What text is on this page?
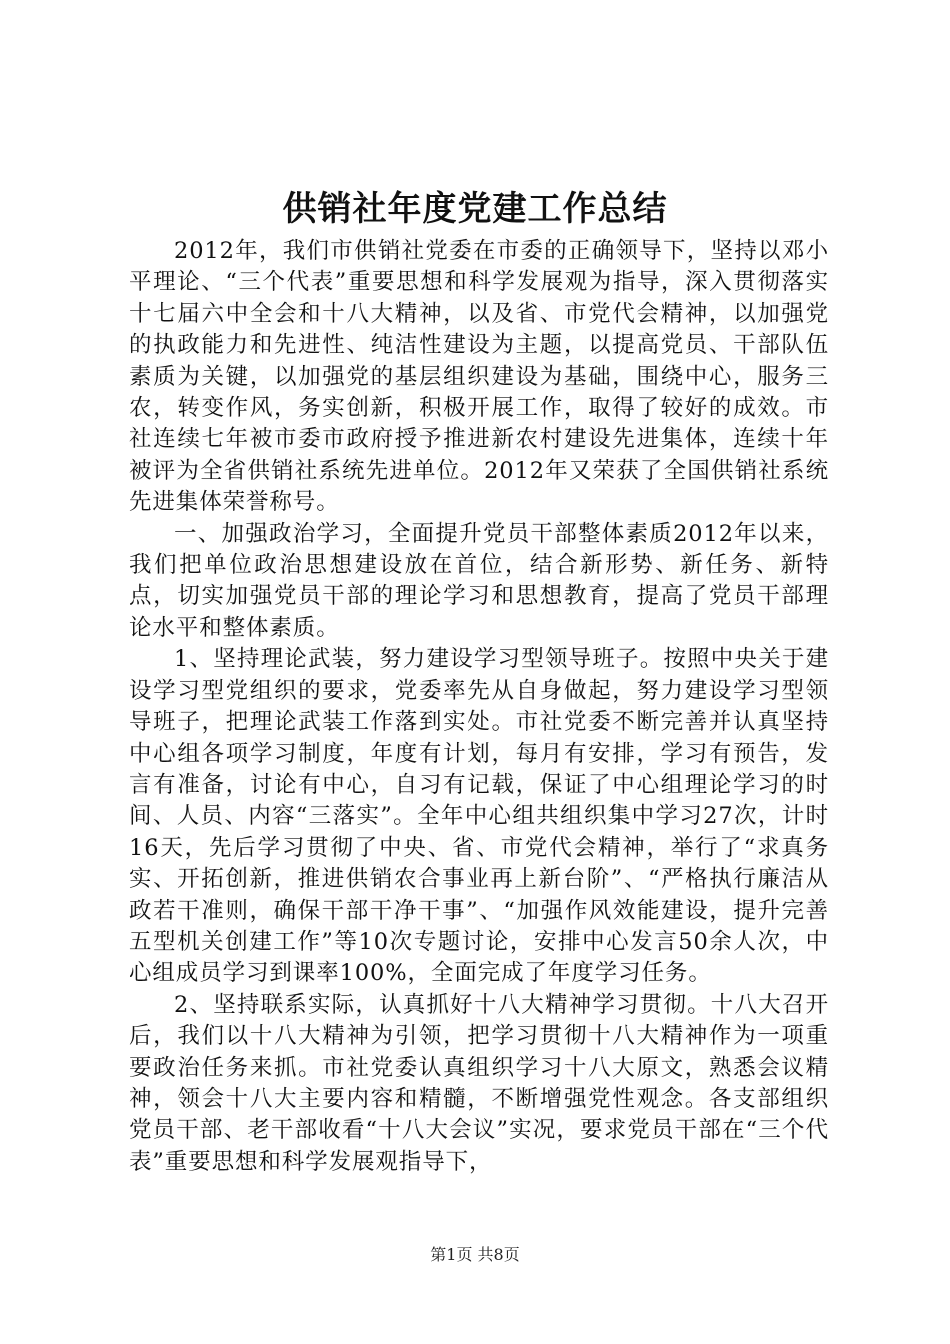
供销社年度党建工作总结

2012年，我们市供销社党委在市委的正确领导下，坚持以邓小平理论、“三个代表”重要思想和科学发展观为指导，深入贯彻落实十七届六中全会和十八大精神，以及省、市党代会精神，以加强党的执政能力和先进性、纯洁性建设为主题，以提高党员、干部队伍素质为关键，以加强党的基层组织建设为基础，围绕中心，服务三农，转变作风，务实创新，积极开展工作，取得了较好的成效。市社连续七年被市委市政府授予推进新农村建设先进集体，连续十年被评为全省供销社系统先进单位。2012年又荣获了全国供销社系统先进集体荣誉称号。

一、加强政治学习，全面提升党员干部整体素质2012年以来，我们把单位政治思想建设放在首位，结合新形势、新任务、新特点，切实加强党员干部的理论学习和思想教育，提高了党员干部理论水平和整体素质。

1、坚持理论武装，努力建设学习型领导班子。按照中央关于建设学习型党组织的要求，党委率先从自身做起，努力建设学习型领导班子，把理论武装工作落到实处。市社党委不断完善并认真坚持中心组各项学习制度，年度有计划，每月有安排，学习有预告，发言有准备，讨论有中心，自习有记载，保证了中心组理论学习的时间、人员、内容“三落实”。全年中心组共组织集中学习27次，计时16天，先后学习贯彻了中央、省、市党代会精神，举行了“求真务实、开拓创新，推进供销农合事业再上新台阶”、“严格执行廉洁从政若干准则，确保干部干净干事”、“加强作风效能建设，提升完善五型机关创建工作”等10次专题讨论，安排中心发言50余人次，中心组成员学习到课率100%，全面完成了年度学习任务。

2、坚持联系实际，认真抓好十八大精神学习贯彻。十八大召开后，我们以十八大精神为引领，把学习贯彻十八大精神作为一项重要政治任务来抓。市社党委认真组织学习十八大原文，熟悉会议精神，领会十八大主要内容和精髓，不断增强党性观念。各支部组织党员干部、老干部收看“十八大会议”实况，要求党员干部在“三个代表”重要思想和科学发展观指导下，

第1页 共8页
